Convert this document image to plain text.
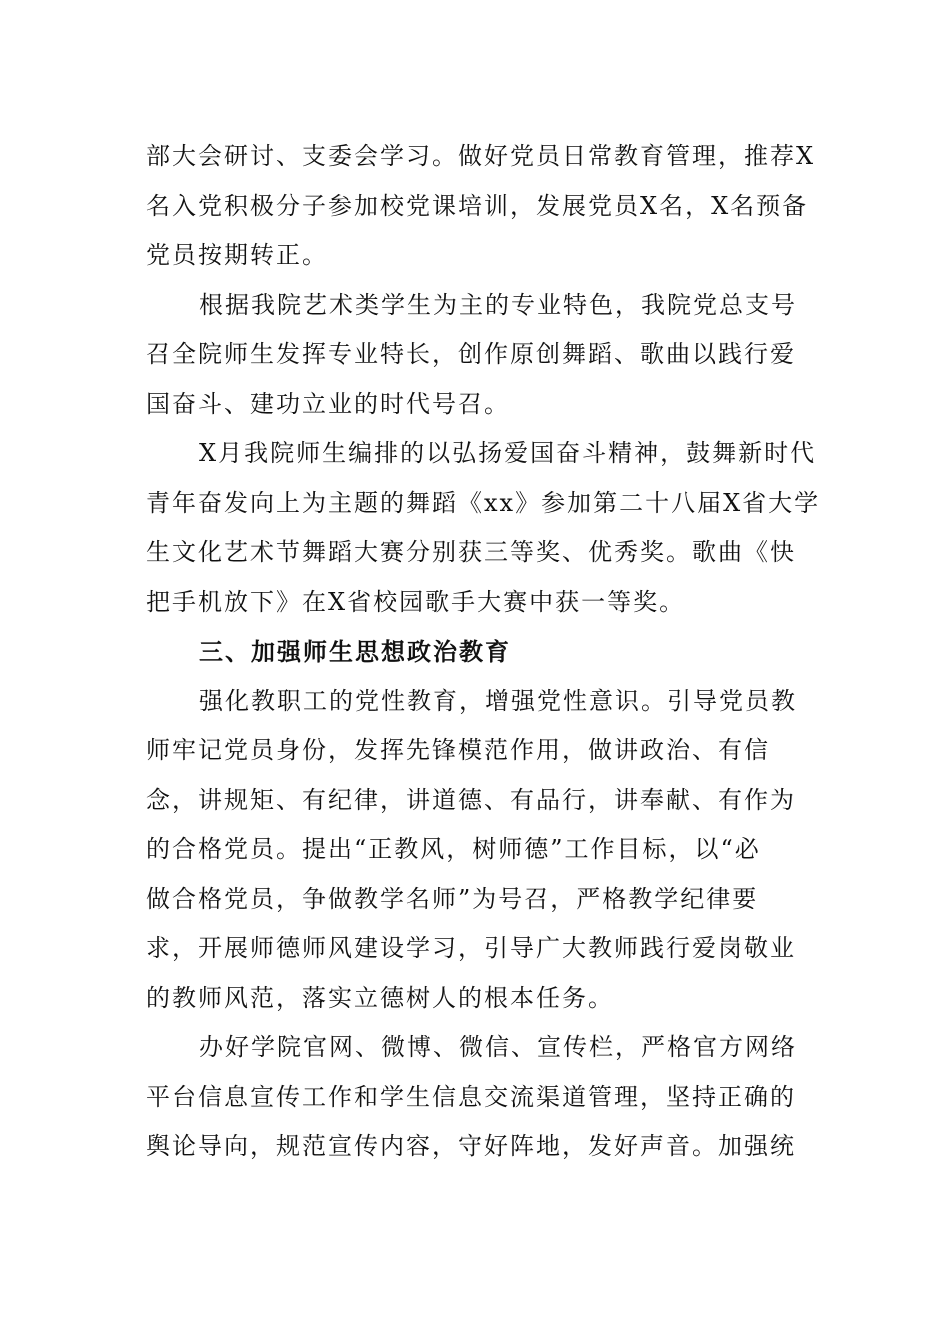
部大会研讨、支委会学习。做好党员日常教育管理，推荐X
名入党积极分子参加校党课培训，发展党员X名，X名预备
党员按期转正。
根据我院艺术类学生为主的专业特色，我院党总支号
召全院师生发挥专业特长，创作原创舞蹈、歌曲以践行爱
国奋斗、建功立业的时代号召。
X月我院师生编排的以弘扬爱国奋斗精神，鼓舞新时代
青年奋发向上为主题的舞蹈《xx》参加第二十八届X省大学
生文化艺术节舞蹈大赛分别获三等奖、优秀奖。歌曲《快
把手机放下》在X省校园歌手大赛中获一等奖。
三、加强师生思想政治教育
强化教职工的党性教育，增强党性意识。引导党员教
师牢记党员身份，发挥先锋模范作用，做讲政治、有信
念，讲规矩、有纪律，讲道德、有品行，讲奉献、有作为
的合格党员。提出“正教风，树师德”工作目标，以“必
做合格党员，争做教学名师”为号召，严格教学纪律要
求，开展师德师风建设学习，引导广大教师践行爱岗敬业
的教师风范，落实立德树人的根本任务。
办好学院官网、微博、微信、宣传栏，严格官方网络
平台信息宣传工作和学生信息交流渠道管理，坚持正确的
舆论导向，规范宣传内容，守好阵地，发好声音。加强统
